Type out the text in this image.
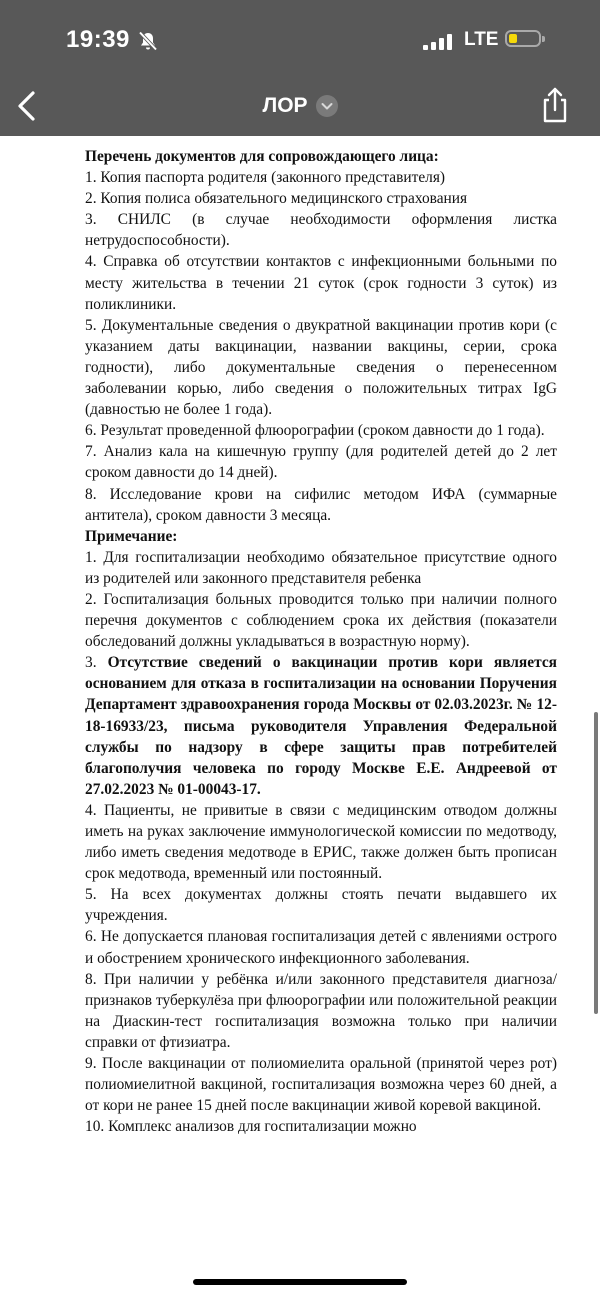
19:39	LTE
ЛОР

Перечень документов для сопровождающего лица:

1. Копия паспорта родителя (законного представителя)

2. Копия полиса обязательного медицинского страхования

3. СНИЛС (в случае необходимости оформления листка нетрудоспособности).

4. Справка об отсутствии контактов с инфекционными больными по месту жительства в течении 21 суток (срок годности 3 суток) из поликлиники.

5. Документальные сведения о двукратной вакцинации против кори (с указанием даты вакцинации, названии вакцины, серии, срока годности), либо документальные сведения о перенесенном заболевании корью, либо сведения о положительных титрах IgG (давностью не более 1 года).

6. Результат проведенной флюорографии (сроком давности до 1 года).

7. Анализ кала на кишечную группу (для родителей детей до 2 лет сроком давности до 14 дней).

8. Исследование крови на сифилис методом ИФА (суммарные антитела), сроком давности 3 месяца.

Примечание:

1. Для госпитализации необходимо обязательное присутствие одного из родителей или законного представителя ребенка

2. Госпитализация больных проводится только при наличии полного перечня документов с соблюдением срока их действия (показатели обследований должны укладываться в возрастную норму).

3. Отсутствие сведений о вакцинации против кори является основанием для отказа в госпитализации на основании Поручения Департамент здравоохранения города Москвы от 02.03.2023г. № 12-18-16933/23, письма руководителя Управления Федеральной службы по надзору в сфере защиты прав потребителей благополучия человека по городу Москве Е.Е. Андреевой от 27.02.2023 № 01-00043-17.

4. Пациенты, не привитые в связи с медицинским отводом должны иметь на руках заключение иммунологической комиссии по медотводу, либо иметь сведения медотводе в ЕРИС, также должен быть прописан срок медотвода, временный или постоянный.

5. На всех документах должны стоять печати выдавшего их учреждения.

6. Не допускается плановая госпитализация детей с явлениями острого и обострением хронического инфекционного заболевания.

8. При наличии у ребёнка и/или законного представителя диагноза/признаков туберкулёза при флюорографии или положительной реакции на Диаскин-тест госпитализация возможна только при наличии справки от фтизиатра.

9. После вакцинации от полиомиелита оральной (принятой через рот) полиомиелитной вакциной, госпитализация возможна через 60 дней, а от кори не ранее 15 дней после вакцинации живой коревой вакциной.

10. Комплекс анализов для госпитализации можно
